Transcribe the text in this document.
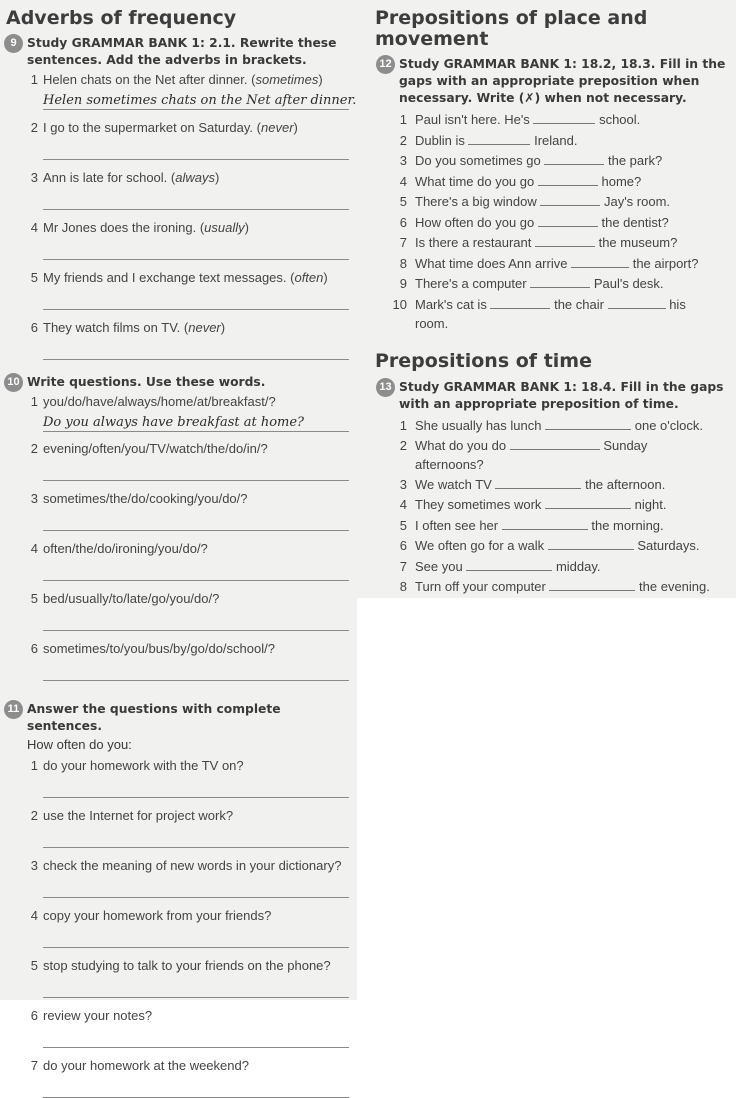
Adverbs of frequency
9 Study GRAMMAR BANK 1: 2.1. Rewrite these
sentences. Add the adverbs in brackets.
1 Helen chats on the Net after dinner. (sometimes)
Helen sometimes chats on the Net after dinner.
2 I go to the supermarket on Saturday. (never)
3 Ann is late for school. (always)
4 Mr Jones does the ironing. (usually)
5 My friends and I exchange text messages. (often)
6 They watch films on TV. (never)
10 Write questions. Use these words.
1 you/do/have/always/home/at/breakfast/?
Do you always have breakfast at home?
2 evening/often/you/TV/watch/the/do/in/?
3 sometimes/the/do/cooking/you/do/?
4 often/the/do/ironing/you/do/?
5 bed/usually/to/late/go/you/do/?
6 sometimes/to/you/bus/by/go/do/school/?
11 Answer the questions with complete sentences.
How often do you:
1 do your homework with the TV on?
2 use the Internet for project work?
3 check the meaning of new words in your dictionary?
4 copy your homework from your friends?
5 stop studying to talk to your friends on the phone?
6 review your notes?
7 do your homework at the weekend?
Prepositions of place and
movement
12 Study GRAMMAR BANK 1: 18.2, 18.3. Fill in the
gaps with an appropriate preposition when
necessary. Write (✗) when not necessary.
1 Paul isn't here. He's	school.
2 Dublin is	Ireland.
3 Do you sometimes go	the park?
4 What time do you go	home?
5 There's a big window	Jay's room.
6 How often do you go	the dentist?
7 Is there a restaurant	the museum?
8 What time does Ann arrive	the airport?
9 There's a computer	Paul's desk.
10 Mark's cat is	the chair	his
room.
Prepositions of time
13 Study GRAMMAR BANK 1: 18.4. Fill in the gaps
with an appropriate preposition of time.
1 She usually has lunch	one o'clock.
2 What do you do	Sunday
afternoons?
3 We watch TV	the afternoon.
4 They sometimes work	night.
5 I often see her	the morning.
6 We often go for a walk	Saturdays.
7 See you	midday.
8 Turn off your computer	the evening.
